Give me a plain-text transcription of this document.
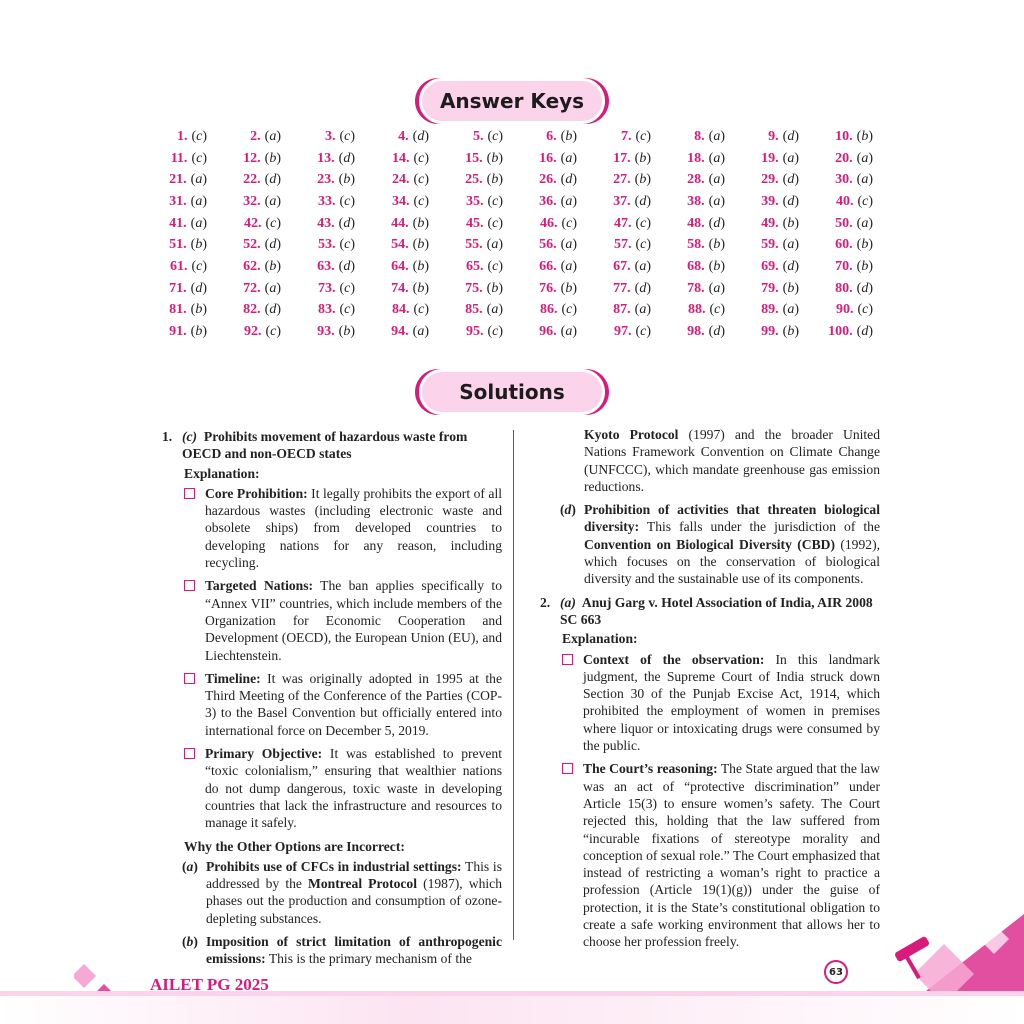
Answer Keys
1. (c)	2. (a)	3. (c)	4. (d)	5. (c)	6. (b)	7. (c)	8. (a)	9. (d)	10. (b)
11. (c)	12. (b)	13. (d)	14. (c)	15. (b)	16. (a)	17. (b)	18. (a)	19. (a)	20. (a)
21. (a)	22. (d)	23. (b)	24. (c)	25. (b)	26. (d)	27. (b)	28. (a)	29. (d)	30. (a)
31. (a)	32. (a)	33. (c)	34. (c)	35. (c)	36. (a)	37. (d)	38. (a)	39. (d)	40. (c)
41. (a)	42. (c)	43. (d)	44. (b)	45. (c)	46. (c)	47. (c)	48. (d)	49. (b)	50. (a)
51. (b)	52. (d)	53. (c)	54. (b)	55. (a)	56. (a)	57. (c)	58. (b)	59. (a)	60. (b)
61. (c)	62. (b)	63. (d)	64. (b)	65. (c)	66. (a)	67. (a)	68. (b)	69. (d)	70. (b)
71. (d)	72. (a)	73. (c)	74. (b)	75. (b)	76. (b)	77. (d)	78. (a)	79. (b)	80. (d)
81. (b)	82. (d)	83. (c)	84. (c)	85. (a)	86. (c)	87. (a)	88. (c)	89. (a)	90. (c)
91. (b)	92. (c)	93. (b)	94. (a)	95. (c)	96. (a)	97. (c)	98. (d)	99. (b) 100. (d)
Solutions
1. (c) Prohibits movement of hazardous waste from OECD and non-OECD states
Explanation:
Core Prohibition: It legally prohibits the export of all hazardous wastes (including electronic waste and obsolete ships) from developed countries to developing nations for any reason, including recycling.
Targeted Nations: The ban applies specifically to “Annex VII” countries, which include members of the Organization for Economic Cooperation and Development (OECD), the European Union (EU), and Liechtenstein.
Timeline: It was originally adopted in 1995 at the Third Meeting of the Conference of the Parties (COP-3) to the Basel Convention but officially entered into international force on December 5, 2019.
Primary Objective: It was established to prevent “toxic colonialism,” ensuring that wealthier nations do not dump dangerous, toxic waste in developing countries that lack the infrastructure and resources to manage it safely.
Why the Other Options are Incorrect:
(a) Prohibits use of CFCs in industrial settings: This is addressed by the Montreal Protocol (1987), which phases out the production and consumption of ozone-depleting substances.
(b) Imposition of strict limitation of anthropogenic emissions: This is the primary mechanism of the
Kyoto Protocol (1997) and the broader United Nations Framework Convention on Climate Change (UNFCCC), which mandate greenhouse gas emission reductions.
(d) Prohibition of activities that threaten biological diversity: This falls under the jurisdiction of the Convention on Biological Diversity (CBD) (1992), which focuses on the conservation of biological diversity and the sustainable use of its components.
2. (a) Anuj Garg v. Hotel Association of India, AIR 2008 SC 663
Explanation:
Context of the observation: In this landmark judgment, the Supreme Court of India struck down Section 30 of the Punjab Excise Act, 1914, which prohibited the employment of women in premises where liquor or intoxicating drugs were consumed by the public.
The Court’s reasoning: The State argued that the law was an act of “protective discrimination” under Article 15(3) to ensure women’s safety. The Court rejected this, holding that the law suffered from “incurable fixations of stereotype morality and conception of sexual role.” The Court emphasized that instead of restricting a woman’s right to practice a profession (Article 19(1)(g)) under the guise of protection, it is the State’s constitutional obligation to create a safe working environment that allows her to choose her profession freely.
AILET PG 2025
63
